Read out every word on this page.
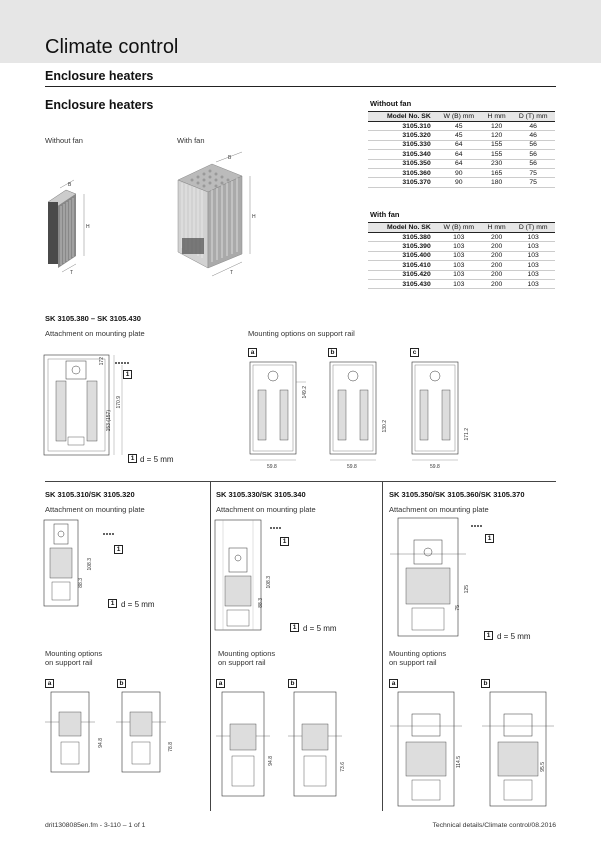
Climate control
Enclosure heaters
Enclosure heaters
Without fan	With fan
B
H
T
B
H
T
Without fan
Model No. SK	W (B) mm	H mm	D (T) mm
3105.310	45	120	46
3105.320	45	120	46
3105.330	64	155	56
3105.340	64	155	56
3105.350	64	230	56
3105.360	90	165	75
3105.370	90	180	75
With fan
Model No. SK	W (B) mm	H mm	D (T) mm
3105.380	103	200	103
3105.390	103	200	103
3105.400	103	200	103
3105.410	103	200	103
3105.420	103	200	103
3105.430	103	200	103
SK 3105.380 – SK 3105.430
Attachment on mounting plate	Mounting options on support rail
172
170.9
153 (157)
1
1 d = 5 mm
a	b	c
149.2
59.8
130.2
59.8
171.2
59.8
SK 3105.310/SK 3105.320
Attachment on mounting plate
108.3
88.3
1
1 d = 5 mm
Mounting options
on support rail
a	b
94.8	78.8
SK 3105.330/SK 3105.340
Attachment on mounting plate
108.3
88.3
1
1 d = 5 mm
Mounting options
on support rail
a	b
94.8
73.6
SK 3105.350/SK 3105.360/SK 3105.370
Attachment on mounting plate
125
75
1
1 d = 5 mm
Mounting options
on support rail
a	b
114.5	95.5
drit1308085en.fm - 3-110 – 1 of 1	Technical details/Climate control/08.2016
